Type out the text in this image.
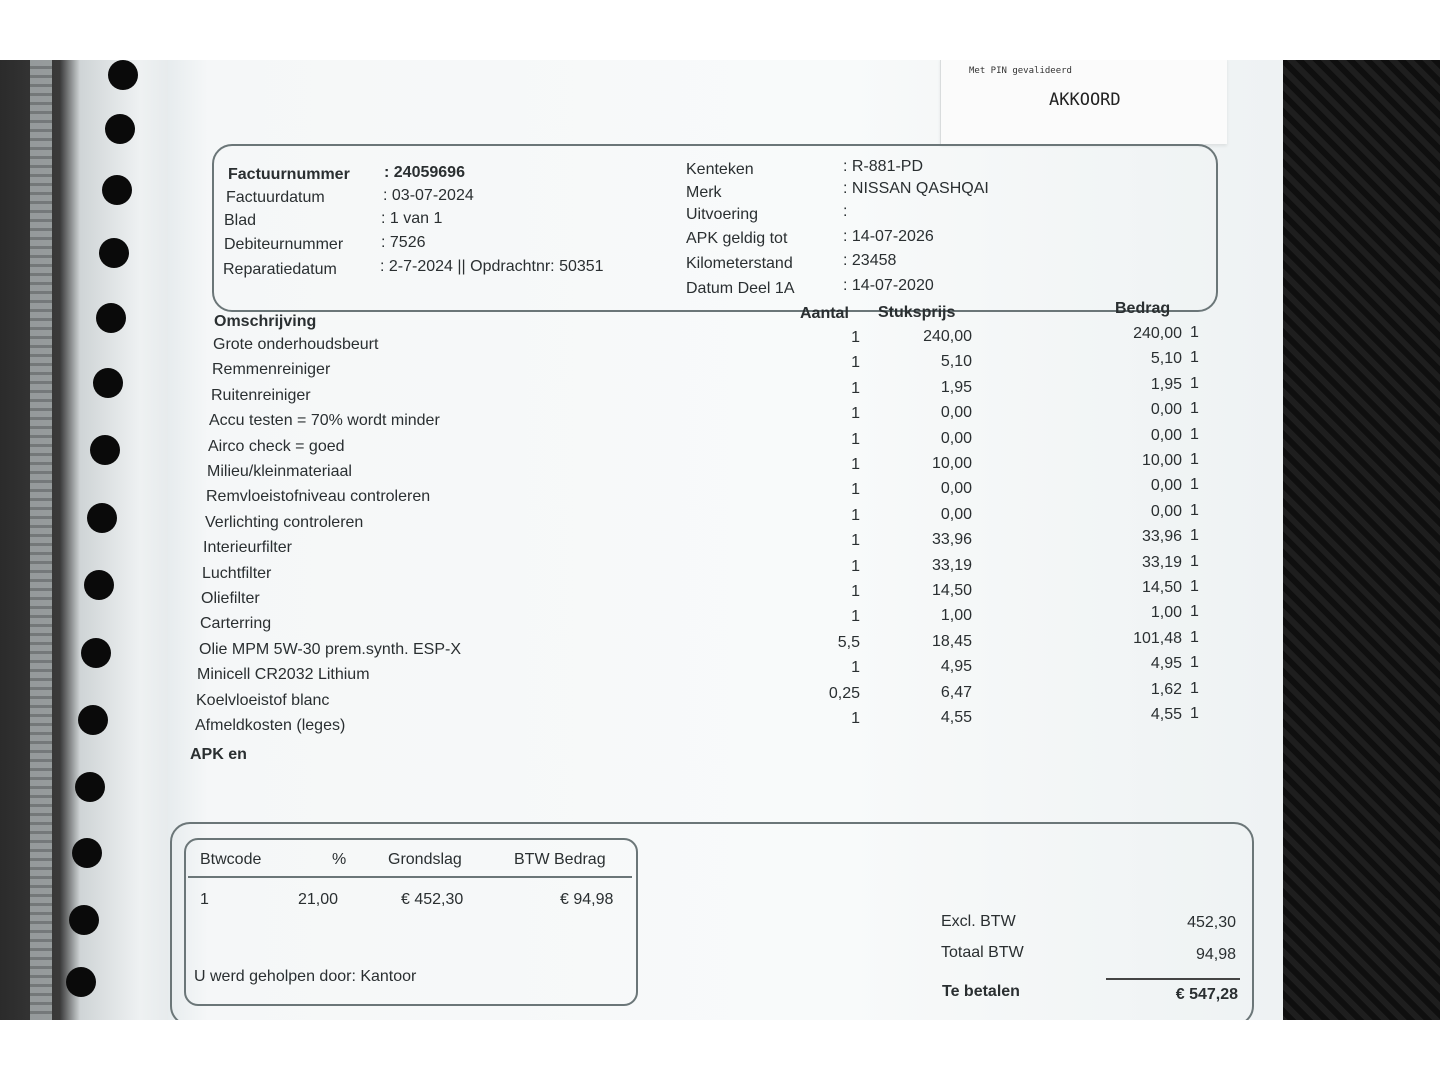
Met PIN gevalideerd
AKKOORD
Factuurnummer : 24059696
Factuurdatum	: 03-07-2024
Blad	: 1 van 1
Debiteurnummer : 7526
Reparatiedatum	: 2-7-2024 || Opdrachtnr: 50351
Kenteken	: R-881-PD
Merk	: NISSAN QASHQAI
Uitvoering	:
APK geldig tot	: 14-07-2026
Kilometerstand	: 23458
Datum Deel 1A	: 14-07-2020
Omschrijving	Aantal Stuksprijs	Bedrag
Grote onderhoudsbeurt	1	240,00	240,00 1
Remmenreiniger	1	5,10	5,10 1
Ruitenreiniger	1	1,95	1,95 1
Accu testen = 70% wordt minder	1	0,00	0,00 1
Airco check = goed	1	0,00	0,00 1
Milieu/kleinmateriaal	1	10,00	10,00 1
Remvloeistofniveau controleren	1	0,00	0,00 1
Verlichting controleren	1	0,00	0,00 1
Interieurfilter	1	33,96	33,96 1
Luchtfilter	1	33,19	33,19 1
Oliefilter	1	14,50	14,50 1
Carterring	1	1,00	1,00 1
Olie MPM 5W-30 prem.synth. ESP-X	5,5	18,45	101,48 1
Minicell CR2032 Lithium	1	4,95	4,95 1
Koelvloeistof blanc	0,25	6,47	1,62 1
Afmeldkosten (leges)	1	4,55	4,55 1
APK en
Btwcode	%	Grondslag	BTW Bedrag
1	21,00	€ 452,30	€ 94,98
U werd geholpen door: Kantoor
Excl. BTW	452,30
Totaal BTW	94,98
Te betalen	€ 547,28
